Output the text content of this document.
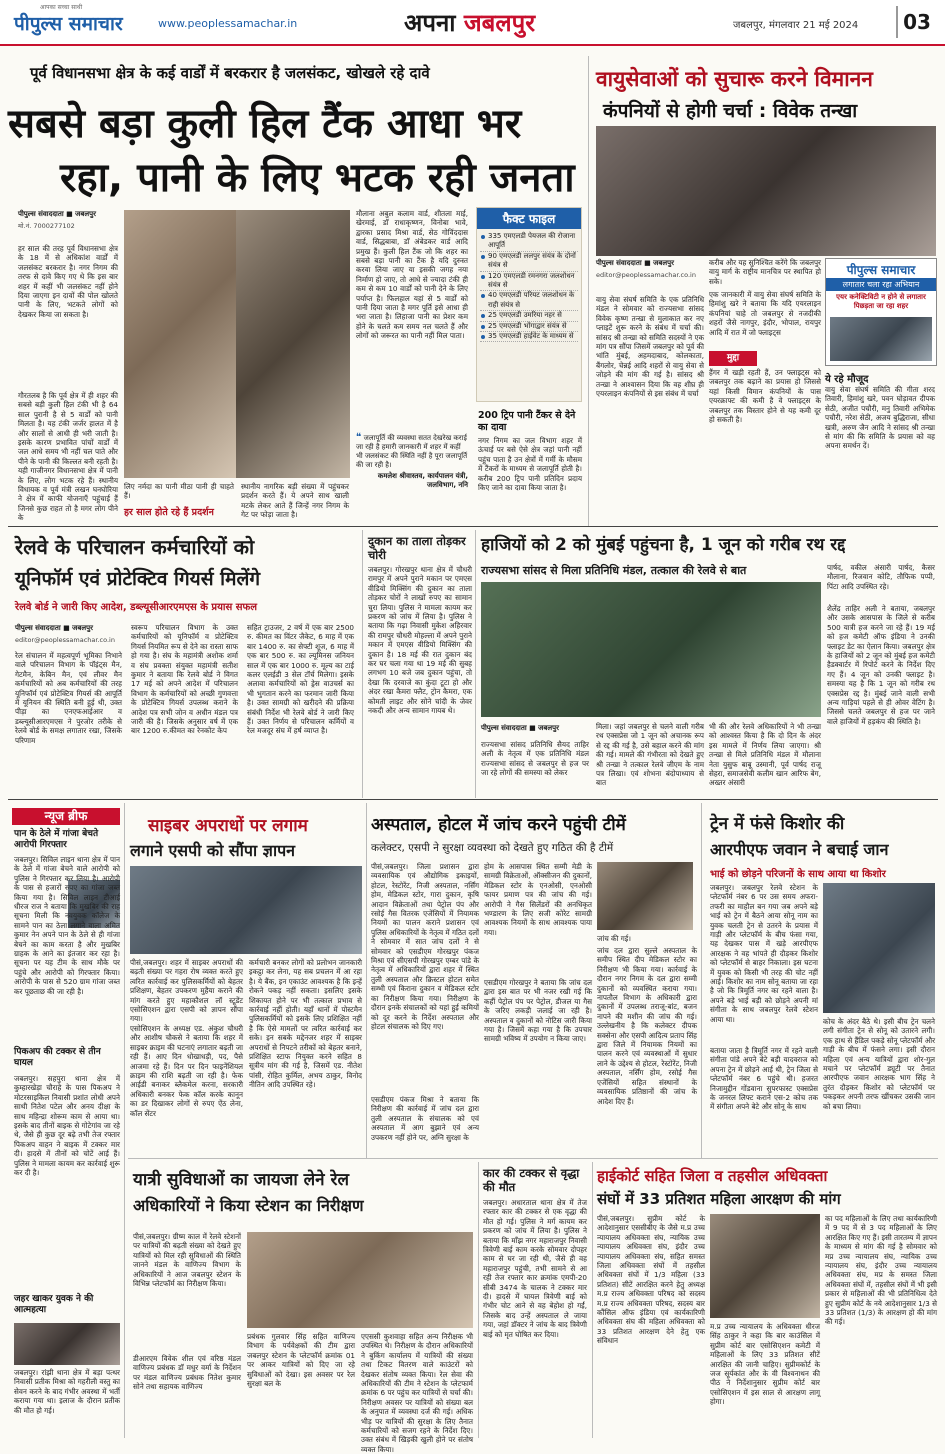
पीपुल्स समाचार
आपका सच्चा साथी
www.peoplessamachar.in	अपना जबलपुर	जबलपुर, मंगलवार 21 मई 2024	03
पूर्व विधानसभा क्षेत्र के कई वार्डों में बरकरार है जलसंकट, खोखले रहे दावे
सबसे बड़ा कुली हिल टैंक आधा भर
रहा, पानी के लिए भटक रही जनता
पीपुल्स संवाददाता ■ जबलपुर
मो.नं. 7000277102
हर साल की तरह पूर्व विधानसभा क्षेत्र के 18 में से अधिकांश वार्डों में जलसंकट बरकरार है। नगर निगम की तरफ से दावे किए गए थे कि इस बार शहर में कहीं भी जलसंकट नहीं होने दिया जाएगा इन दावों की पोल खोलते पानी के लिए, भटकते लोगों को देखकर किया जा सकता है।
गौरतलब है कि पूर्व क्षेत्र में ही शहर की सबसे बड़ी कुली हिल टंकी भी है 64 साल पुरानी है से 5 वार्डों को पानी मिलता है। यह टंकी जर्जर हालत में है और सालों से आधी ही भरी जाती है। इसके कारण प्रभावित पांचों वार्डों में जल आधे समय भी नहीं चल पाते और पीने के पानी की किल्लत बनी रहती है। यही गाजीनगर विधानसभा क्षेत्र में पानी के लिए, लोग भटक रहे हैं। स्थानीय विधायक व पूर्व मंत्री लखन घनघोरिया ने क्षेत्र में काफी योजनाएँ पहुंचाई हैं जिनसे कुछ राहत तो है मगर लोग पीने के
लिए नर्मदा का पानी मीठा पानी ही चाहते हैं।
हर साल होते रहे हैं प्रदर्शन
स्थानीय नागरिक बड़ी संख्या में पहुंचकर प्रदर्शन करते हैं। ये अपने साथ खाली मटके लेकर आते हैं जिन्हें नगर निगम के गेट पर फोड़ा जाता है।
मौलाना अबुल कलाम वार्ड, शीतला माई, खेरमाई, डॉ राधाकृष्णन, विनोबा भावे, द्वारका प्रसाद मिश्रा वार्ड, सेठ गोविंददास वार्ड, सिद्धबाबा, डॉ अंबेडकर वार्ड आदि प्रमुख हैं। कुली हिल टैंक जो कि शहर का सबसे बड़ा पानी का टैंक है यदि दुरुस्त करवा लिया जाए या इसकी जगह नया निर्माण हो जाए, तो आधे से ज्यादा टंकी ही कम से कम 10 वार्डों को पानी देने के लिए पर्याप्त है। फिलहाल यहां से 5 वार्डों को पानी दिया जाता है मगर पूर्ति इसे आधा ही भरा जाता है। लिहाजा पानी का प्रेशर कम होने के चलते कम समय नल चलते हैं और लोगों को जरूरत का पानी नहीं मिल पाता।
❝ जलापूर्ति की व्यवस्था सतत देखरेख कराई जा रही है हमारी जानकारी में शहर में कहीं भी जलसंकट की स्थिति नहीं है पूरा जलापूर्ति की जा रही है।
कमलेश श्रीवास्तव, कार्यपालन यंत्री, जलविभाग, ननि
फैक्ट फाइल
335 एमएलडी पेयजल की रोजाना आपूर्ति
90 एमएलडी ललपुर संयंत्र के दोनों संयंत्र से
120 एमएलडी रमनगरा जलशोधन संयंत्र से
40 एमएलडी परियट जलशोधन के राही संयंत्र से
25 एमएलडी उमरिया नहर से
25 एमएलडी भोंगाद्वार संयंत्र से
35 एमएलडी हाईवेट के माध्यम से
200 ट्रिप पानी टैंकर से देने का दावा
नगर निगम का जल विभाग शहर में ऊंचाई पर बसे ऐसे क्षेत्र जहां पानी नहीं पहुंच पाता है उन क्षेत्रों में गर्मी के मौसम में टैंकरों के माध्यम से जलापूर्ति होती है। करीब 200 ट्रिप पानी प्रतिदिन प्रदाय किए जाने का दावा किया जाता है।
वायुसेवाओं को सुचारू करने विमानन
कंपनियों से होगी चर्चा : विवेक तन्खा
पीपुल्स संवाददाता ■ जबलपुर
editor@peoplessamachar.co.in
करीब और यह सुनिश्चित करेंगे कि जबलपुर वायु मार्ग के राष्ट्रीय मानचित्र पर स्थापित हो सके।
वायु सेवा संघर्ष समिति के एक प्रतिनिधि मंडल ने सोमवार को राज्यसभा सांसद विवेक कृष्ण तन्खा से मुलाकात कर नए प्लाइटें शुरू करने के संबंध में चर्चा की। सांसद श्री तन्खा को समिति सदस्यों ने एक मांग पत्र सौंपा जिसमें जबलपुर को पूर्व की भांति मुंबई, अहमदाबाद, कोलकाता, बैंगलोर, चेन्नई आदि शहरों से वायु सेवा से जोड़ने की मांग की गई है। सांसद श्री तन्खा ने आश्वासन दिया कि वह शीघ्र ही एयरलाइन कंपनियों से इस संबंध में चर्चा
एक जानकारी में वायु सेवा संघर्ष समिति के हिमांशु खरे ने बताया कि यदि एयरलाइन कंपनियां चाहे तो जबलपुर से नजदीकी शहरों जैसे नागपुर, इंदौर, भोपाल, रायपुर आदि में रात में जो फ्लाइट्स
मुद्दा
हैंगर में खड़ी रहती हैं, उन फ्लाइट्स को जबलपुर तक बढ़ाने का प्रयास हो जिससे यहां किसी विमान कंपनियों के पास एयरक्राफ्ट की कमी है वे फ्लाइट्स के जबलपुर तक विस्तार होने से यह कमी दूर हो सकती है।
पीपुल्स समाचार
लगातार चला रहा अभियान
एयर कनेक्टिविटी न होने से लगातार पिछड़ता जा रहा शहर
ये रहे मौजूद
वायु सेवा संघर्ष समिति की गीता शरद तिवारी, हिमांशु खरे, पवन घोड़ावत दीपक सेठी, अजीत पचौरी, मनु तिवारी अभिमेक पचौरी, नरेश सेठी, अजय बुद्धिराजा, सीधा खत्री, अरुण जैन आदि ने सांसद श्री तन्खा से मांग की कि समिति के प्रयास को वह अपना समर्थन दें।
रेलवे के परिचालन कर्मचारियों को
यूनिफॉर्म एवं प्रोटेक्टिव गियर्स मिलेंगे
रेलवे बोर्ड ने जारी किए आदेश, डब्ल्यूसीआरएमएस के प्रयास सफल
पीपुल्स संवाददाता ■ जबलपुर
editor@peoplessamachar.co.in
रेल संचालन में महत्वपूर्ण भूमिका निभाने वाले परिचालन विभाग के पॉइंट्स मैन, गेटमैन, केबिन मैन, एवं लीवर मैन कर्मचारियों को अब कर्मचारियों की तरह यूनिफॉर्म एवं प्रोटेक्टिव गियर्स की आपूर्ति में यूनियन की स्थिति बनी हुई थी, उक्त पीड़ा का एनएफआईआर व डब्ल्यूसीआरएमएस ने पुरजोर तरीके से रेलवे बोर्ड के समक्ष लगातार रखा, जिसके परिणाम
स्वरूप परिचालन विभाग के उक्त कर्मचारियों को यूनिफॉर्म व प्रोटेक्टिव गियर्स नियमित रूप से देने का रास्ता साफ हो गया है। संघ के महामंत्री अशोक शर्मा व संघ प्रवक्ता संयुक्त महामंत्री सतीश कुमार ने बताया कि रेलवे बोर्ड ने विगत 17 मई को अपने आदेश में परिचालन विभाग के कर्मचारियों को अच्छी गुणवत्ता के प्रोटेक्टिव गियर्स उपलब्ध कराने के आदेश पत्र सभी जोन व अधीन मंडल पत्र जारी की है। जिसके अनुसार वर्ष में एक बार 1200 रु.कीमत का रेनकोट केप
सहित ट्राउजर, 2 वर्ष में एक बार 2500 रु. कीमत का विंटर जैकेट, 6 माह में एक बार 1400 रु. का सेफ्टी शूज, 6 माह में एक बार 500 रु. का ल्यूमिनस जनियन साल में एक बार 1000 रु. मूल्य का टाई कलर एलईडी 3 सेल टॉर्च मिलेगा। इसके अलावा कर्मचारियों को ड्रेस वाउचर्स का भी भुगतान करने का फरमान जारी किया है। उक्त सामग्री को खरीदने की प्रक्रिया संबंधी निर्देश भी रेलवे बोर्ड ने जारी किए हैं। उक्त निर्णय से परिचालन कर्मियों व रेल मजदूर संघ में हर्ष व्याप्त है।
दुकान का ताला तोड़कर चोरी
जबलपुर। गोरखपुर थाना क्षेत्र में चौधरी रामपुर में अपने पुराने मकान पर एमएस वीडियो मिक्सिंग की दुकान का ताला तोड़कर चोरों ने लाखों रुपए का सामान चुरा लिया। पुलिस ने मामला कायम कर प्रकरण को जांच में लिया है। पुलिस ने बताया कि गढ़ा निवासी मुकेश अहिरवार की रामपुर चौधरी मोहल्ला में अपने पुराने मकान में एमएस वीडियो मिक्सिंग की दुकान है। 18 मई की रात दुकान बंद कर घर चला गया था 19 मई की सुबह लगभग 10 बजे जब दुकान पहुंचा, तो देखा कि दरवाजे का कुंदा टूटा हो और अंदर रखा कैमरा फ्लैट, ट्रोन कैमरा, एक कोमती लाइट और सोने चांदी के जेवर नकदी और अन्य सामान गायब थे।
हाजियों को 2 को मुंबई पहुंचना है, 1 जून को गरीब रथ रद्द
राज्यसभा सांसद से मिला प्रतिनिधि मंडल, तत्काल की रेलवे से बात
पीपुल्स संवाददाता ■ जबलपुर
राज्यसभा सांसद प्रतिनिधि सैयद ताहिर अली के नेतृत्व में एक प्रतिनिधि मंडल राज्यसभा सांसद से जबलपुर से हज पर जा रहे लोगों की समस्या को लेकर
मिला। जहां जबलपुर से चलने वाली गरीब रथ एक्सप्रेस जो 1 जून को अचानक रूप से रद्द की गई है, उसे बहाल करने की मांग की गई। मामले की गंभीरता को देखते हुए श्री तन्खा ने तत्काल रेलवे जीएम के नाम पत्र लिखा। एवं शोभना बंदोपाध्याय से बात
भी की और रेलवे अधिकारियों ने भी तन्खा को आश्वस्त किया है कि दो दिन के अंदर इस मामले में निर्णय लिया जाएगा। श्री तन्खा से मिले प्रतिनिधि मंडल में मौलाना नेता युसुफ बाबू उस्मानी, पूर्व पार्षद राजू सेहरा, समाजसेवी कलीम खान आरिफ बेग, अख्तर अंसारी
पार्षद, वकील अंसारी पार्षद, कैसर मौलाना, रिजवान कोटि, तौफिक पप्पी, पिंटा आदि उपस्थित रहे।
शैलेंद्र ताहिर अली ने बताया, जबलपुर और उसके आसपास के जिले से करीब 500 यात्री हज करने जा रहे हैं। 19 मई को हज कमेटी ऑफ इंडिया ने उनकी फ्लाइट डेट का ऐलान किया। जबलपुर क्षेत्र के हाजियों को 2 जून को मुंबई हज कमेटी हैडक्वार्टर में रिपोर्ट करने के निर्देश दिए गए हैं। 4 जून को उनकी फ्लाइट है। समस्या यह है कि 1 जून को गरीब रथ एक्सप्रेस रद्द है। मुंबई जाने वाली सभी अन्य गाड़ियां पहले से ही ओवर वेटिंग है। जिससे चलते जबलपुर से हज पर जाने वाले हाजियों में हड़कंप की स्थिति है।
न्यूज ब्रीफ
पान के ठेले में गांजा बेचते आरोपी गिरफ्तार
जबलपुर। सिविल लाइन थाना क्षेत्र में पान के ठेले में गांजा बेचने वाले आरोपी को पुलिस ने गिरफ्तार कर लिया है। आरोपी के पास से हजारों रुपए का गांजा जब्त किया गया है। सिविल लाइन टीआई धीरज राज ने बताया कि मुखबिर की राह सूचना मिली कि नवयुवक कॉलेज के सामने पान का ठेला लगाने वाला अमित कुमार नेन अपने पान के ठेले से ही गांजा बेचने का काम करता है और मुखबिर ग्राहक के आने का इंतजार कर रहा है। सूचना पर यह टीम के साथ मौके पर पहुंचे और आरोपी को गिरफ्तार किया। आरोपी के पास से 520 ग्राम गांजा जब्त कर पूछताछ की जा रही है।
पिकअप की टक्कर से तीन घायल
जबलपुर। सहपुरा थाना क्षेत्र में कुम्हारखेड़ा चौराहे के पास पिकअप ने मोटरसाइकिल निवासी प्रशांत लोधी अपने साथी नितेश पटेल और अनय दीक्षा के साथ महिन्द्रा शोरूम काम से आया था। इसके बाद तीनों बाइक से गोटेगांव जा रहे थे, जैसे ही कुछ दूर बढ़े तभी तेज रफ्तार पिकअप वाहन ने बाइक में टक्कर मार दी। हादसे में तीनों को चोटें आई हैं। पुलिस ने मामला कायम कर कार्रवाई शुरू कर दी है।
जहर खाकर युवक ने की आत्महत्या
जबलपुर। रांझी थाना क्षेत्र में बड़ा पत्थर निवासी प्रतीक मिश्रा को गहरीली वस्तु का सेवन करने के बाद गंभीर अवस्था में भर्ती कराया गया था। इलाज के दौरान प्रतीक की मौत हो गई।
साइबर अपराधों पर लगाम
लगाने एसपी को सौंपा ज्ञापन
पीसं,जबलपुर। शहर में साइबर अपराधों की बढ़ती संख्या पर गहरा रोष व्यक्त करते हुए त्वरित कार्रवाई कर पुलिसकर्मियों को बेहतर प्रशिक्षण, बेहतर उपकरण मुहैया कराने की मांग करते हुए महाकौशल लॉ स्टूडेंट एसोसिएशन द्वारा एसपी को ज्ञापन सौंपा गया।
एसोसिएशन के अध्यक्ष एड. अंकुश चौधरी और आशीष चौकसे ने बताया कि शहर में साइबर क्राइम की घटनाएं लगातार बढ़ती जा रही हैं। आए दिन धोखाधड़ी, पद, पैसे आजमा रहे हैं। दिन पर दिन फाइनेंशियल क्राइम की राशि बढ़ती जा रही है। फेक आईडी बनाकर ब्लैकमेल करना, सरकारी अधिकारी बनकर फेक कॉल करके कानून का डर दिखाकर लोगों से रुपए ऐंठ लेना, कॉल सेंटर
कर्मचारी बनकर लोगों को प्रलोभन जानकारी इकट्ठा कर लेना, यह सब प्रचलन में आ रहा है। ये बैंक, इन एकाउंट आवश्यक है कि इन्हें रोकने पकड़ नहीं सकता। इसलिए इसके शिकायत होने पर भी तत्काल प्रभाव से कार्रवाई नहीं होती। यहाँ थानों में पोस्टमैन पुलिसकर्मियों को इसके लिए प्रशिक्षित नहीं है कि ऐसे मामलों पर त्वरित कार्रवाई कर सके। इन सबके मद्देनजर शहर में साइबर अपराधों से निपटने तरीकों को बेहतर बनाने, प्रशिक्षित स्टाफ नियुक्त करने सहित 8 सूत्रीय मांग की गई है, जिसमें एड. नीतेश पांसी, रोहित कुर्मिल, अभय ठाकुर, विनोद नीतिन आदि उपस्थित रहे।
अस्पताल, होटल में जांच करने पहुंची टीमें
कलेक्टर, एसपी ने सुरक्षा व्यवस्था को देखते हुए गठित की है टीमें
पीसं,जबलपुर। जिला प्रशासन द्वारा व्यवसायिक एवं औद्योगिक इकाइयों, होटल, रेस्टोरेंट, निजी अस्पताल, नर्सिंग होम, मेडिकल स्टोर, गारा दुकान, कृषि आदान विक्रेताओं तथा पेट्रोल पंप और रसोई गैस वितरक एजेंसियों में नियामक नियमों का पालन कराने प्रशासन एवं पुलिस अधिकारियों के नेतृत्व में गठित दलों ने सोमवार में सात जांच दलों ने से सोमवार को एसडीएम गोरखपुर पंकज मिश्रा एवं सीएसपी गोरखपुर एम्बर पांडे के नेतृत्व में अधिकारियों द्वारा शहर में स्थित तुली अस्पताल और क्रिस्टल होटल समेत सम्भी एवं किराना दुकान व मेडिकल स्टोर का निरीक्षण किया गया। निरीक्षण के दौरान इनके संचालकों को यहां हुई कमियों को दूर करने के निर्देश अस्पताल और होटल संचालक को दिए गए।
एसडीएम पंकज मिश्रा ने बताया कि निरीक्षण की कार्रवाई में जांच दल द्वारा तुली अस्पताल के संचालक को एवं अस्पताल में आग बुझाने एवं अन्य उपकरण नहीं होने पर, अग्नि सुरक्षा के
होम के आसपास स्थित सम्मी मेडी के सामग्री विक्रेताओं, ऑक्सीजन की दुकानों, मेडिकल स्टोर के एनओसी, एनओसी फायर प्रमाण पत्र की जांच की गई। आरोपी ने गैस सिलेंडरों की अनधिकृत भण्डारण के लिए सजी कोरेट सामग्री आवश्यक नियमों के साथ आवश्यक पाया गया।
एसडीएम गोरखपुर ने बताया कि जांच दल द्वारा इस बात पर भी नजर रखी गई कि कहीं पेट्रोल पंप पर पेट्रोल, डीजल या गैस के जरिए लकड़ी जलाई जा रही है। अस्पताल व दुकानों को नोटिस जारी किया गया है। जिसमें कहा गया है कि उपचार सामग्री भविष्य में उपयोग न किया जाए।
जांच की गई।
जांच दल द्वारा सुल्ले अस्पताल के समीप स्थित दीप मेडिकल स्टोर का निरीक्षण भी किया गया। कार्रवाई के दौरान नगर निगम के दल द्वारा सम्मी दुकानों को व्यवस्थित कराया गया। नापतौल विभाग के अधिकारी द्वारा दुकानों में उपलब्ध तराजू-बांट, बजन नापने की मशीन की जांच की गई। उल्लेखनीय है कि कलेक्टर दीपक सक्सेना और एसपी आदित्य प्रताप सिंह द्वारा जिले में नियामक नियमों का पालन करने एवं व्यवस्थाओं में सुधार लाने के उद्देश्य से होटल, रेस्टोरेंट, निजी अस्पताल, नर्सिंग होम, रसोई गैस एजेंसियों सहित संस्थानों के व्यवसायिक प्रतिष्ठानों की जांच के आदेश दिए हैं।
ट्रेन में फंसे किशोर की
आरपीएफ जवान ने बचाई जान
भाई को छोड़ने परिजनों के साथ आया था किशोर
जबलपुर। जबलपुर रेलवे स्टेशन के प्लेटफॉर्म नंबर 6 पर उस समय अफरा-तफरी का माहौल बन गया जब अपने बड़े भाई को ट्रेन में बैठने आया सोनू नाम का युवक चलती ट्रेन से उतरने के प्रयास में गाड़ी और प्लेटफॉर्म के बीच फंसा गया, यह देखकर पास में खड़े आरपीएफ आरक्षक ने वह भांपते ही दौड़कर किशोर को प्लेटफॉर्म से बाहर निकाला। इस घटना में युवक को किसी भी तरह की चोट नहीं आई। किशोर का नाम सोनू बताया जा रहा है जो कि त्रिमूर्ति नगर का रहने वाला है। अपने बड़े भाई बड़ी को छोड़ने अपनी मां संगीता के साथ जबलपुर रेलवे स्टेशन आया था।
बताया जाता है त्रिमूर्ति नगर में रहने वाली संगीता पांडे अपने बेटे बड़ी यादवराज को अपना ट्रेन में छोड़ने आई थी, ट्रेन जिला से प्लेटफॉर्म नंबर 6 पहुंचे थी। हजरत निजामुद्दीन गोंडवाना सुपरफास्ट एक्सप्रेस के जनरल लिफ्ट कराने एस-2 कोच तक में संगीता अपने बेटे और सोनू के साथ
कोच के अंदर बैठे थे। इसी बीच ट्रेन चलने लगी संगीता ट्रेन से सोनू को उतारने लगी। एक हाथ से हैंडिल पकड़े सोनू प्लेटफॉर्म और गाड़ी के बीच में फंसने लगा। इसी दौरान महिला एवं अन्य यात्रियों द्वारा शोर-गुल मचाने पर प्लेटफॉर्म ड्यूटी पर तैनात आरपीएफ जवान आरक्षक भाग सिंह ने तुरंत दौड़कर किशोर को प्लेटफॉर्म पर पकड़कर अपनी तरफ खींचकर उसकी जान को बचा लिया।
यात्री सुविधाओं का जायजा लेने रेल
अधिकारियों ने किया स्टेशन का निरीक्षण
पीसं,जबलपुर। ग्रीष्म काल में रेलवे स्टेशनों पर यात्रियों की बढ़ती संख्या को देखते हुए यात्रियों को मिल रही सुविधाओं की स्थिति जानने मंडल के वाणिज्य विभाग के अधिकारियों ने आज जबलपुर स्टेशन के विभिन्न प्लेटफॉर्म का निरीक्षण किया।
डीआरएम विवेक शील एवं वरिष्ठ मंडल वाणिज्य प्रबंधक डॉ मधुर वर्मा के निर्देशन पर मंडल वाणिज्य प्रबंधक नितेश कुमार सोने तथा सहायक वाणिज्य
प्रबंधक गुलवार सिंह सहित वाणिज्य विभाग के पर्यवेक्षकों की टीम द्वारा जबलपुर स्टेशन के प्लेटफॉर्म क्रमांक 01 पर आकर यात्रियों को दिए जा रहे सुविधाओं को देखा। इस अवसर पर रेल सुरक्षा बल के
एएससी कुशवाहा सहित अन्य निरीक्षक भी उपस्थित थे। निरीक्षण के दौरान अधिकारियों ने बुकिंग कार्यालय में यात्रियों की संख्या तथा टिकट वितरण वाले काउंटरों को देखकर संतोष व्यक्त किया। रेल सेवा की अधिकारियों की टीम ने स्टेशन के प्लेटफार्म क्रमांक 6 पर पहुंच कर यात्रियों से चर्चा की। निरीक्षण अवसर पर यात्रियों को संख्या बल के अनुपात में व्यवस्था दर्ज की गई। अधिक भीड़ पर यात्रियों की सुरक्षा के लिए तैनात कर्मचारियों को सजग रहने के निर्देश दिए। उक्त संबंध में खिड़की खुली होने पर संतोष व्यक्त किया।
कार की टक्कर से वृद्धा की मौत
जबलपुर। अधारताल थाना क्षेत्र में तेज रफ्तार कार की टक्कर से एक वृद्धा की मौत हो गई। पुलिस ने मर्ग कायम कर प्रकरण को जांच में लिया है। पुलिस ने बताया कि माँझ नगर महाराजपुर निवासी त्रिवेणी बाई काम करके सोमवार दोपहर काम से घर जा रही थी, जैसे ही वह महाराजपुर पहुंची, तभी सामने से आ रही तेज रफ्तार कार क्रमांक एमपी-20 सीबी 3474 के चालक ने टक्कर मार दी। हादसे में घायल त्रिवेणी बाई को गंभीर चोट आने से वह बेहोश हो गईं, जिसके बाद उन्हें अस्पताल ले जाया गया, जहां डॉक्टर ने जांच के बाद त्रिवेणी बाई को मृत घोषित कर दिया।
हाईकोर्ट सहित जिला व तहसील अधिवक्ता
संघों में 33 प्रतिशत महिला आरक्षण की मांग
पीसं,जबलपुर। सुप्रीम कोर्ट के आदेशानुसार एससीबीए के जैसे म.प्र उच्च न्यायालय अधिवक्ता संघ, न्यायिक उच्च न्यायालय अधिवक्ता संघ, इंदौर उच्च न्यायालय अधिवक्ता संघ, सहित समस्त जिला अधिवक्ता संघों में तहसील अधिवक्ता संघों में 1/3 महिला (33 प्रतिशत) सीटें आरक्षित करने हेतु अध्यक्ष म.प्र राज्य अधिवक्ता परिषद को सदस्य म.प्र राज्य अधिवक्ता परिषद, सदस्य बार कौंसिल ऑफ इंडिया एवं कार्यकारिणी अधिवक्ता संघ की महिला अधिवक्ता को 33 प्रतिशत आरक्षण देने हेतु एक संविधान
म.प्र उच्च न्यायालय के अधिवक्ता धीरज सिंह ठाकुर ने कहा कि बार काउंसिल में सुप्रीम कोर्ट बार एसोसिएशन कमेटी में महिलाओं के लिए 33 प्रतिशत सीटें आरक्षित की जानी चाहिए। सुप्रीमकोर्ट के जज सूर्यकांत और के वी विश्वनाथन की पीठ ने निर्देशानुसार सुप्रीम कोर्ट बार एसोसिएशन में इस साल से आरक्षण लागू होगा।
का पद महिलाओं के लिए तथा कार्यकारिणी में 9 पद में से 3 पद महिलाओं के लिए आरक्षित किए गए हैं। इसी तारतम्य में ज्ञापन के माध्यम से मांग की गई है सोमवार को मप्र उच्च न्यायालय संघ, न्यायिक उच्च न्यायालय संघ, इंदौर उच्च न्यायालय अधिवक्ता संघ, मप्र के समस्त जिला अधिवक्ता संघों में, तहसील संघों में भी इसी प्रकार से महिलाओं की भी प्रतिनिधित्व देते हुए सुप्रीम कोर्ट के नये आदेशानुसार 1/3 से 33 प्रतिशत (1/3) के आरक्षण हो की मांग की गई।
